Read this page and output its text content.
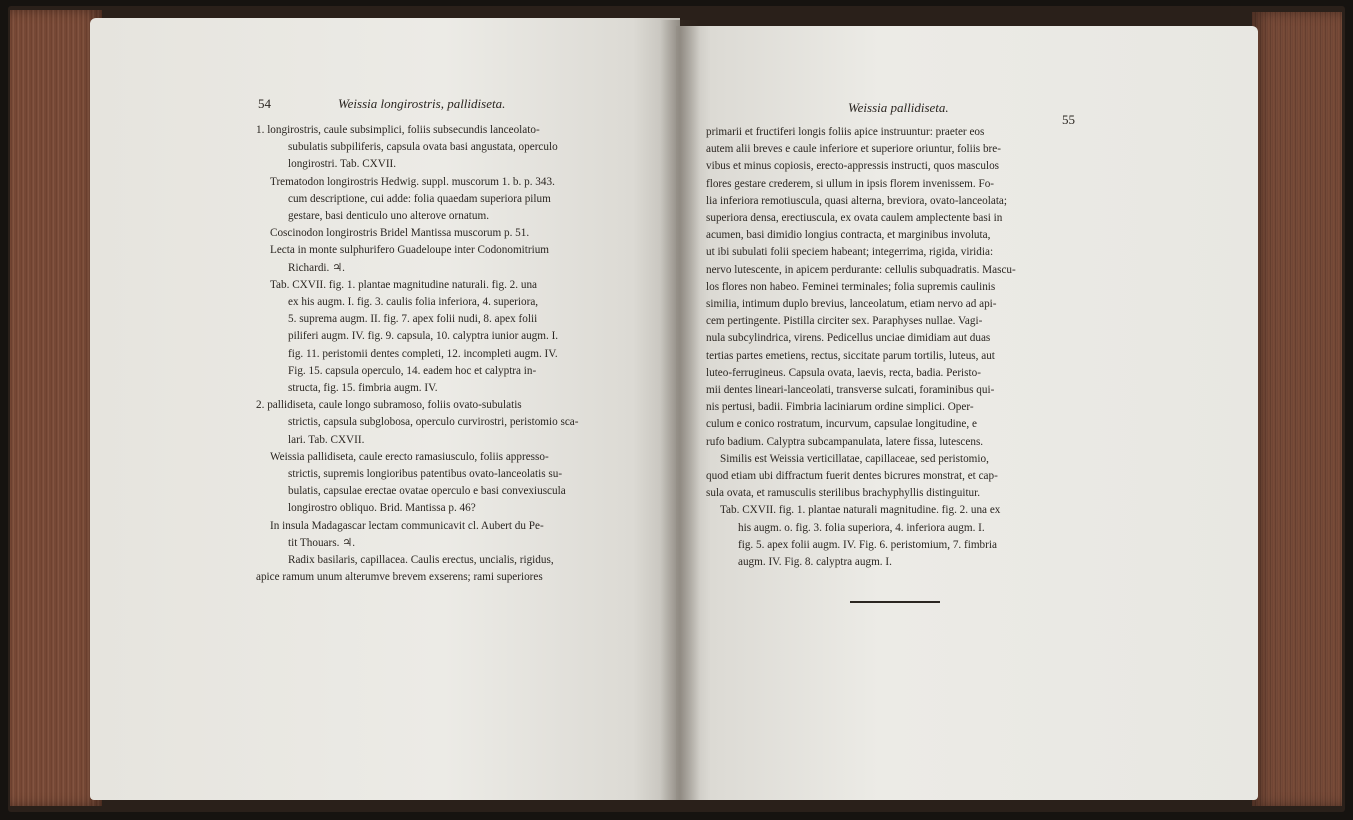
54	Weissia longirostris, pallidiseta.

1. longirostris, caule subsimplici, foliis subsecundis lanceolato-

subulatis subpiliferis, capsula ovata basi angustata, operculo

longirostri. Tab. CXVII.

Trematodon longirostris Hedwig. suppl. muscorum 1. b. p. 343.

cum descriptione, cui adde: folia quaedam superiora pilum

gestare, basi denticulo uno alterove ornatum.

Coscinodon longirostris Bridel Mantissa muscorum p. 51.

Lecta in monte sulphurifero Guadeloupe inter Codonomitrium

Richardi. ♃.

Tab. CXVII. fig. 1. plantae magnitudine naturali. fig. 2. una

ex his augm. I. fig. 3. caulis folia inferiora, 4. superiora,

5. suprema augm. II. fig. 7. apex folii nudi, 8. apex folii

piliferi augm. IV. fig. 9. capsula, 10. calyptra iunior augm. I.

fig. 11. peristomii dentes completi, 12. incompleti augm. IV.

Fig. 15. capsula operculo, 14. eadem hoc et calyptra in-

structa, fig. 15. fimbria augm. IV.

2. pallidiseta, caule longo subramoso, foliis ovato-subulatis

strictis, capsula subglobosa, operculo curvirostri, peristomio sca-

lari. Tab. CXVII.

Weissia pallidiseta, caule erecto ramasiusculo, foliis appresso-

strictis, supremis longioribus patentibus ovato-lanceolatis su-

bulatis, capsulae erectae ovatae operculo e basi convexiuscula

longirostro obliquo. Brid. Mantissa p. 46?

In insula Madagascar lectam communicavit cl. Aubert du Pe-

tit Thouars. ♃.

Radix basilaris, capillacea. Caulis erectus, uncialis, rigidus,

apice ramum unum alterumve brevem exserens; rami superiores

Weissia pallidiseta.
55

primarii et fructiferi longis foliis apice instruuntur: praeter eos

autem alii breves e caule inferiore et superiore oriuntur, foliis bre-

vibus et minus copiosis, erecto-appressis instructi, quos masculos

flores gestare crederem, si ullum in ipsis florem invenissem. Fo-

lia inferiora remotiuscula, quasi alterna, breviora, ovato-lanceolata;

superiora densa, erectiuscula, ex ovata caulem amplectente basi in

acumen, basi dimidio longius contracta, et marginibus involuta,

ut ibi subulati folii speciem habeant; integerrima, rigida, viridia:

nervo lutescente, in apicem perdurante: cellulis subquadratis. Mascu-

los flores non habeo. Feminei terminales; folia supremis caulinis

similia, intimum duplo brevius, lanceolatum, etiam nervo ad api-

cem pertingente. Pistilla circiter sex. Paraphyses nullae. Vagi-

nula subcylindrica, virens. Pedicellus unciae dimidiam aut duas

tertias partes emetiens, rectus, siccitate parum tortilis, luteus, aut

luteo-ferrugineus. Capsula ovata, laevis, recta, badia. Peristo-

mii dentes lineari-lanceolati, transverse sulcati, foraminibus qui-

nis pertusi, badii. Fimbria laciniarum ordine simplici. Oper-

culum e conico rostratum, incurvum, capsulae longitudine, e

rufo badium. Calyptra subcampanulata, latere fissa, lutescens.

Similis est Weissia verticillatae, capillaceae, sed peristomio,

quod etiam ubi diffractum fuerit dentes bicrures monstrat, et cap-

sula ovata, et ramusculis sterilibus brachyphyllis distinguitur.

Tab. CXVII. fig. 1. plantae naturali magnitudine. fig. 2. una ex

his augm. o. fig. 3. folia superiora, 4. inferiora augm. I.

fig. 5. apex folii augm. IV. Fig. 6. peristomium, 7. fimbria

augm. IV. Fig. 8. calyptra augm. I.
